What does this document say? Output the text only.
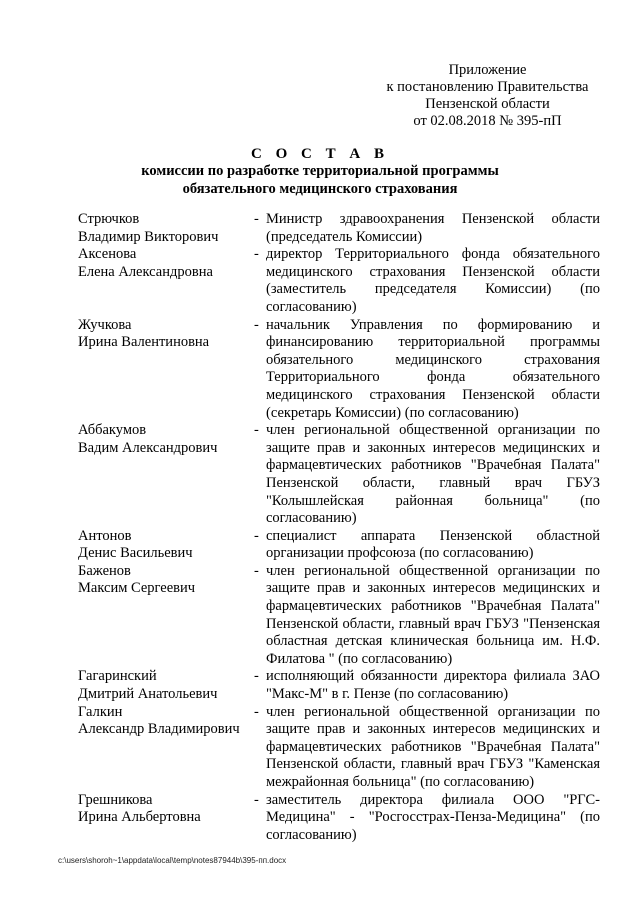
Приложение
к постановлению Правительства
Пензенской области
от 02.08.2018 № 395-пП
С О С Т А В
комиссии по разработке территориальной программы
обязательного медицинского страхования
Стрючков
Владимир Викторович
- Министр здравоохранения Пензенской области (председатель Комиссии)
Аксенова
Елена Александровна
- директор Территориального фонда обязательного медицинского страхования Пензенской области (заместитель председателя Комиссии) (по согласованию)
Жучкова
Ирина Валентиновна
- начальник Управления по формированию и финансированию территориальной программы обязательного медицинского страхования Территориального фонда обязательного медицинского страхования Пензенской области (секретарь Комиссии) (по согласованию)
Аббакумов
Вадим Александрович
- член региональной общественной организации по защите прав и законных интересов медицинских и фармацевтических работников "Врачебная Палата" Пензенской области, главный врач ГБУЗ "Колышлейская районная больница" (по согласованию)
Антонов
Денис Васильевич
- специалист аппарата Пензенской областной организации профсоюза (по согласованию)
Баженов
Максим Сергеевич
- член региональной общественной организации по защите прав и законных интересов медицинских и фармацевтических работников "Врачебная Палата" Пензенской области, главный врач ГБУЗ "Пензенская областная детская клиническая больница им. Н.Ф. Филатова " (по согласованию)
Гагаринский
Дмитрий Анатольевич
- исполняющий обязанности директора филиала ЗАО "Макс-М" в г. Пензе (по согласованию)
Галкин
Александр Владимирович
- член региональной общественной организации по защите прав и законных интересов медицинских и фармацевтических работников "Врачебная Палата" Пензенской области, главный врач ГБУЗ "Каменская межрайонная больница" (по согласованию)
Грешникова
Ирина Альбертовна
- заместитель директора филиала ООО "РГС-Медицина" - "Росгосстрах-Пенза-Медицина" (по согласованию)
c:\users\shoroh~1\appdata\local\temp\notes87944b\395-пп.docx
